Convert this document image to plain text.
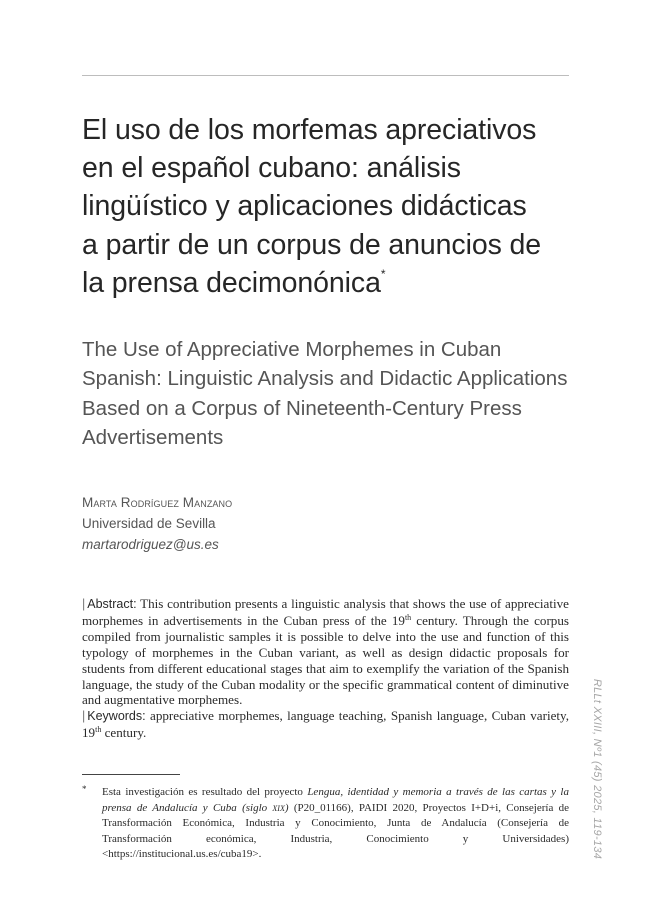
El uso de los morfemas apreciativos
en el español cubano: análisis
lingüístico y aplicaciones didácticas
a partir de un corpus de anuncios de
la prensa decimonónica*
The Use of Appreciative Morphemes in Cuban
Spanish: Linguistic Analysis and Didactic Applications
Based on a Corpus of Nineteenth-Century Press
Advertisements
Marta Rodríguez Manzano
Universidad de Sevilla
martarodriguez@us.es

| Abstract: This contribution presents a linguistic analysis that shows the use of appreciative morphemes in advertisements in the Cuban press of the 19th century. Through the corpus compiled from journalistic samples it is possible to delve into the use and function of this typology of morphemes in the Cuban variant, as well as design didactic proposals for students from different educational stages that aim to exemplify the variation of the Spanish language, the study of the Cuban modality or the specific grammatical content of diminutive and augmentative morphemes.

| Keywords: appreciative morphemes, language teaching, Spanish language, Cuban variety, 19th century.

*	Esta investigación es resultado del proyecto Lengua, identidad y memoria a través de las cartas y la prensa de Andalucía y Cuba (siglo xix) (P20_01166), PAIDI 2020, Proyectos I+D+i, Consejería de Transformación Económica, Industria y Conocimiento, Junta de Andalucía (Consejería de Transformación económica, Industria, Conocimiento y Universidades) <https://institucional.us.es/cuba19>.	RLLt XXIII, Nº1 (45) 2025, 119-134
